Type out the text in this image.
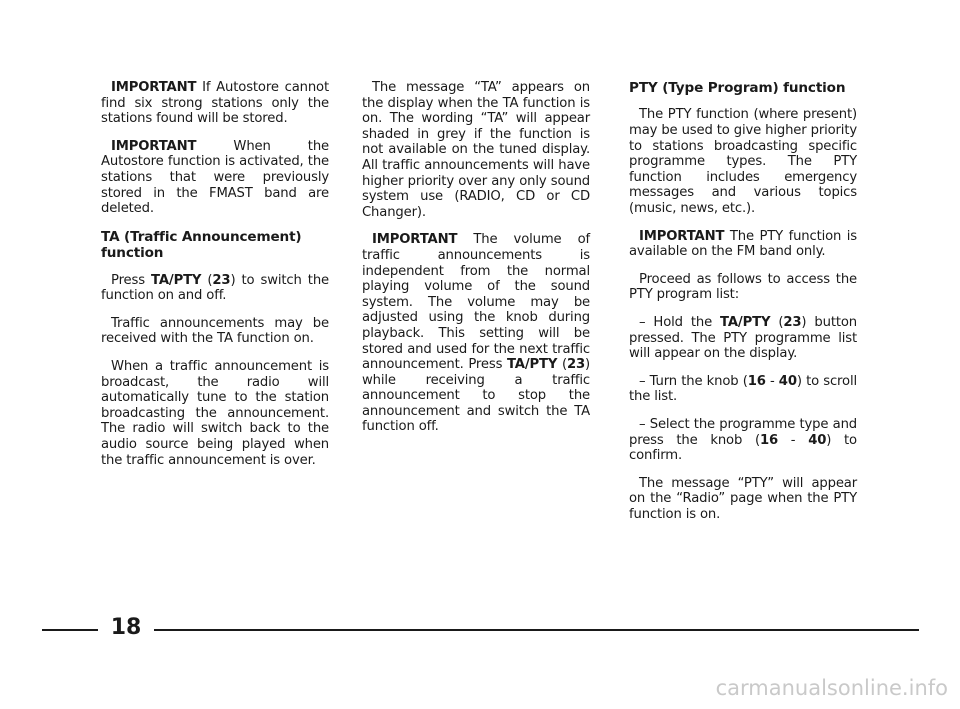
IMPORTANT If Autostore cannot find six strong stations only the stations found will be stored.

IMPORTANT When the Autostore function is activated, the stations that were previously stored in the FMAST band are deleted.

TA (Traffic Announcement) function

Press TA/PTY (23) to switch the function on and off.

Traffic announcements may be received with the TA function on.

When a traffic announcement is broadcast, the radio will automatically tune to the station broadcasting the announcement. The radio will switch back to the audio source being played when the traffic announcement is over.

The message “TA” appears on the display when the TA function is on. The wording “TA” will appear shaded in grey if the function is not available on the tuned display. All traffic announcements will have higher priority over any only sound system use (RADIO, CD or CD Changer).

IMPORTANT The volume of traffic announcements is independent from the normal playing volume of the sound system. The volume may be adjusted using the knob during playback. This setting will be stored and used for the next traffic announcement. Press TA/PTY (23) while receiving a traffic announcement to stop the announcement and switch the TA function off.

PTY (Type Program) function

The PTY function (where present) may be used to give higher priority to stations broadcasting specific programme types. The PTY function includes emergency messages and various topics (music, news, etc.).

IMPORTANT The PTY function is available on the FM band only.

Proceed as follows to access the PTY program list:

– Hold the TA/PTY (23) button pressed. The PTY programme list will appear on the display.

– Turn the knob (16 - 40) to scroll the list.

– Select the programme type and press the knob (16 - 40) to confirm.

The message “PTY” will appear on the “Radio” page when the PTY function is on.

18
carmanualsonline.info
